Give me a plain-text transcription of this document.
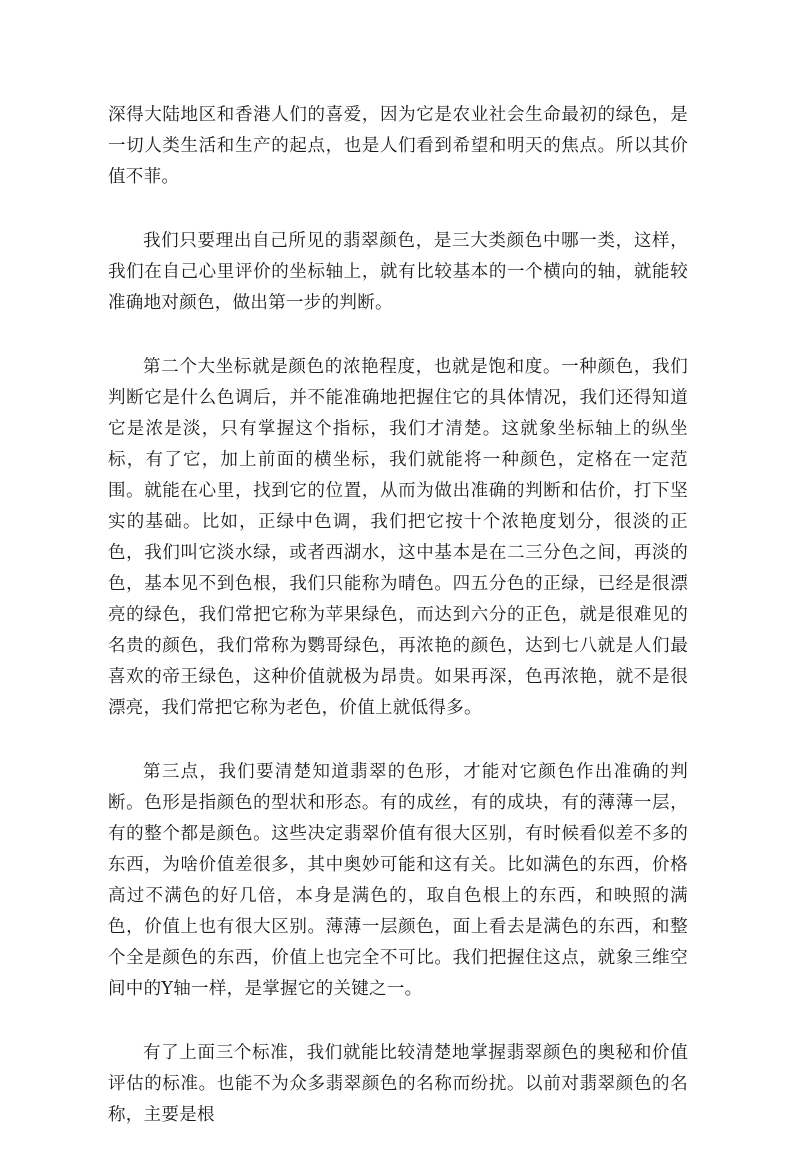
深得大陆地区和香港人们的喜爱，因为它是农业社会生命最初的绿色，是一切人类生活和生产的起点，也是人们看到希望和明天的焦点。所以其价值不菲。

我们只要理出自己所见的翡翠颜色，是三大类颜色中哪一类，这样，我们在自己心里评价的坐标轴上，就有比较基本的一个横向的轴，就能较准确地对颜色，做出第一步的判断。

第二个大坐标就是颜色的浓艳程度，也就是饱和度。一种颜色，我们判断它是什么色调后，并不能准确地把握住它的具体情况，我们还得知道它是浓是淡，只有掌握这个指标，我们才清楚。这就象坐标轴上的纵坐标，有了它，加上前面的横坐标，我们就能将一种颜色，定格在一定范围。就能在心里，找到它的位置，从而为做出准确的判断和估价，打下坚实的基础。比如，正绿中色调，我们把它按十个浓艳度划分，很淡的正色，我们叫它淡水绿，或者西湖水，这中基本是在二三分色之间，再淡的色，基本见不到色根，我们只能称为晴色。四五分色的正绿，已经是很漂亮的绿色，我们常把它称为苹果绿色，而达到六分的正色，就是很难见的名贵的颜色，我们常称为鹦哥绿色，再浓艳的颜色，达到七八就是人们最喜欢的帝王绿色，这种价值就极为昂贵。如果再深，色再浓艳，就不是很漂亮，我们常把它称为老色，价值上就低得多。

第三点，我们要清楚知道翡翠的色形，才能对它颜色作出准确的判断。色形是指颜色的型状和形态。有的成丝，有的成块，有的薄薄一层，有的整个都是颜色。这些决定翡翠价值有很大区别，有时候看似差不多的东西，为啥价值差很多，其中奥妙可能和这有关。比如满色的东西，价格高过不满色的好几倍，本身是满色的，取自色根上的东西，和映照的满色，价值上也有很大区别。薄薄一层颜色，面上看去是满色的东西，和整个全是颜色的东西，价值上也完全不可比。我们把握住这点，就象三维空间中的Y轴一样，是掌握它的关键之一。

有了上面三个标准，我们就能比较清楚地掌握翡翠颜色的奥秘和价值评估的标准。也能不为众多翡翠颜色的名称而纷扰。以前对翡翠颜色的名称，主要是根
